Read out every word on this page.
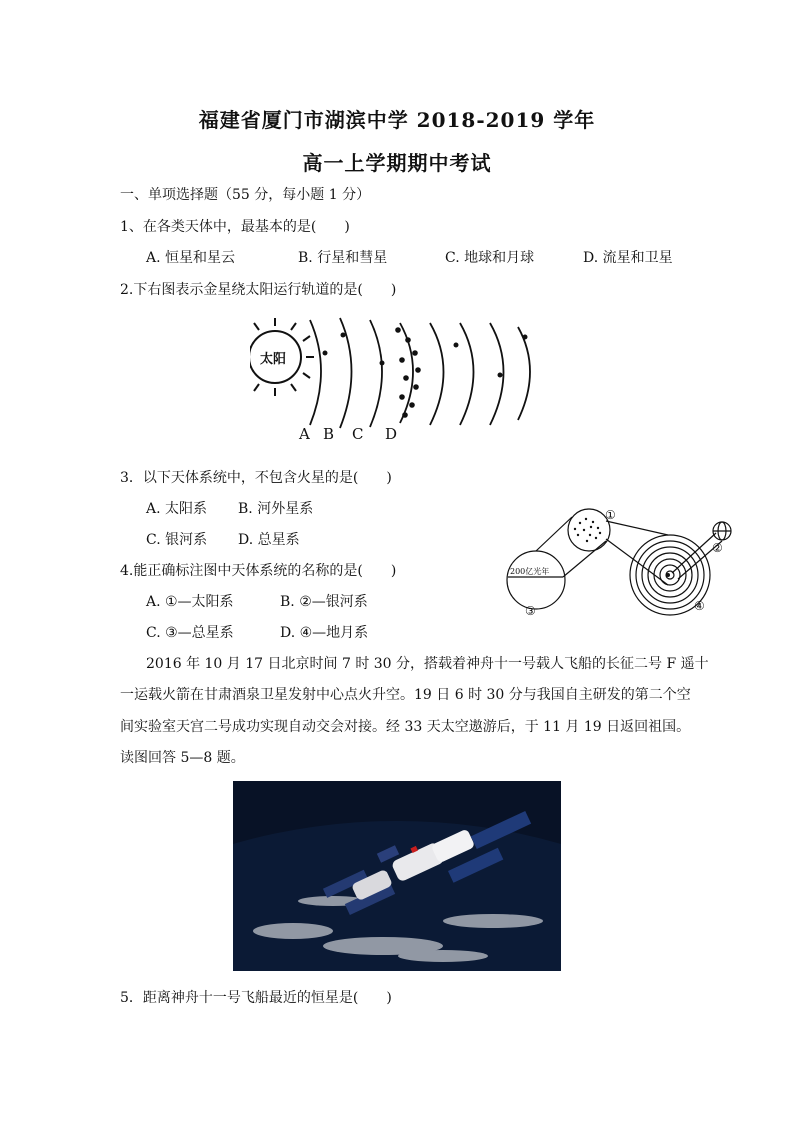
福建省厦门市湖滨中学 2018-2019 学年
高一上学期期中考试
一、单项选择题（55 分，每小题 1 分）
1、在各类天体中，最基本的是(　　)
A. 恒星和星云	B. 行星和彗星	C. 地球和月球	D. 流星和卫星
2.下右图表示金星绕太阳运行轨道的是(　　)
太阳
A B C D
3．以下天体系统中，不包含火星的是(　　)
A. 太阳系 B. 河外星系
C. 银河系 D. 总星系
4.能正确标注图中天体系统的名称的是(　　)
A. ①—太阳系	B. ②—银河系
C. ③—总星系	D. ④—地月系
200亿光年
①
②
③	④
2016 年 10 月 17 日北京时间 7 时 30 分，搭载着神舟十一号载人飞船的长征二号 F 遥十
一运载火箭在甘肃酒泉卫星发射中心点火升空。19 日 6 时 30 分与我国自主研发的第二个空
间实验室天宫二号成功实现自动交会对接。经 33 天太空遨游后，于 11 月 19 日返回祖国。
读图回答 5—8 题。
5．距离神舟十一号飞船最近的恒星是(　　)
